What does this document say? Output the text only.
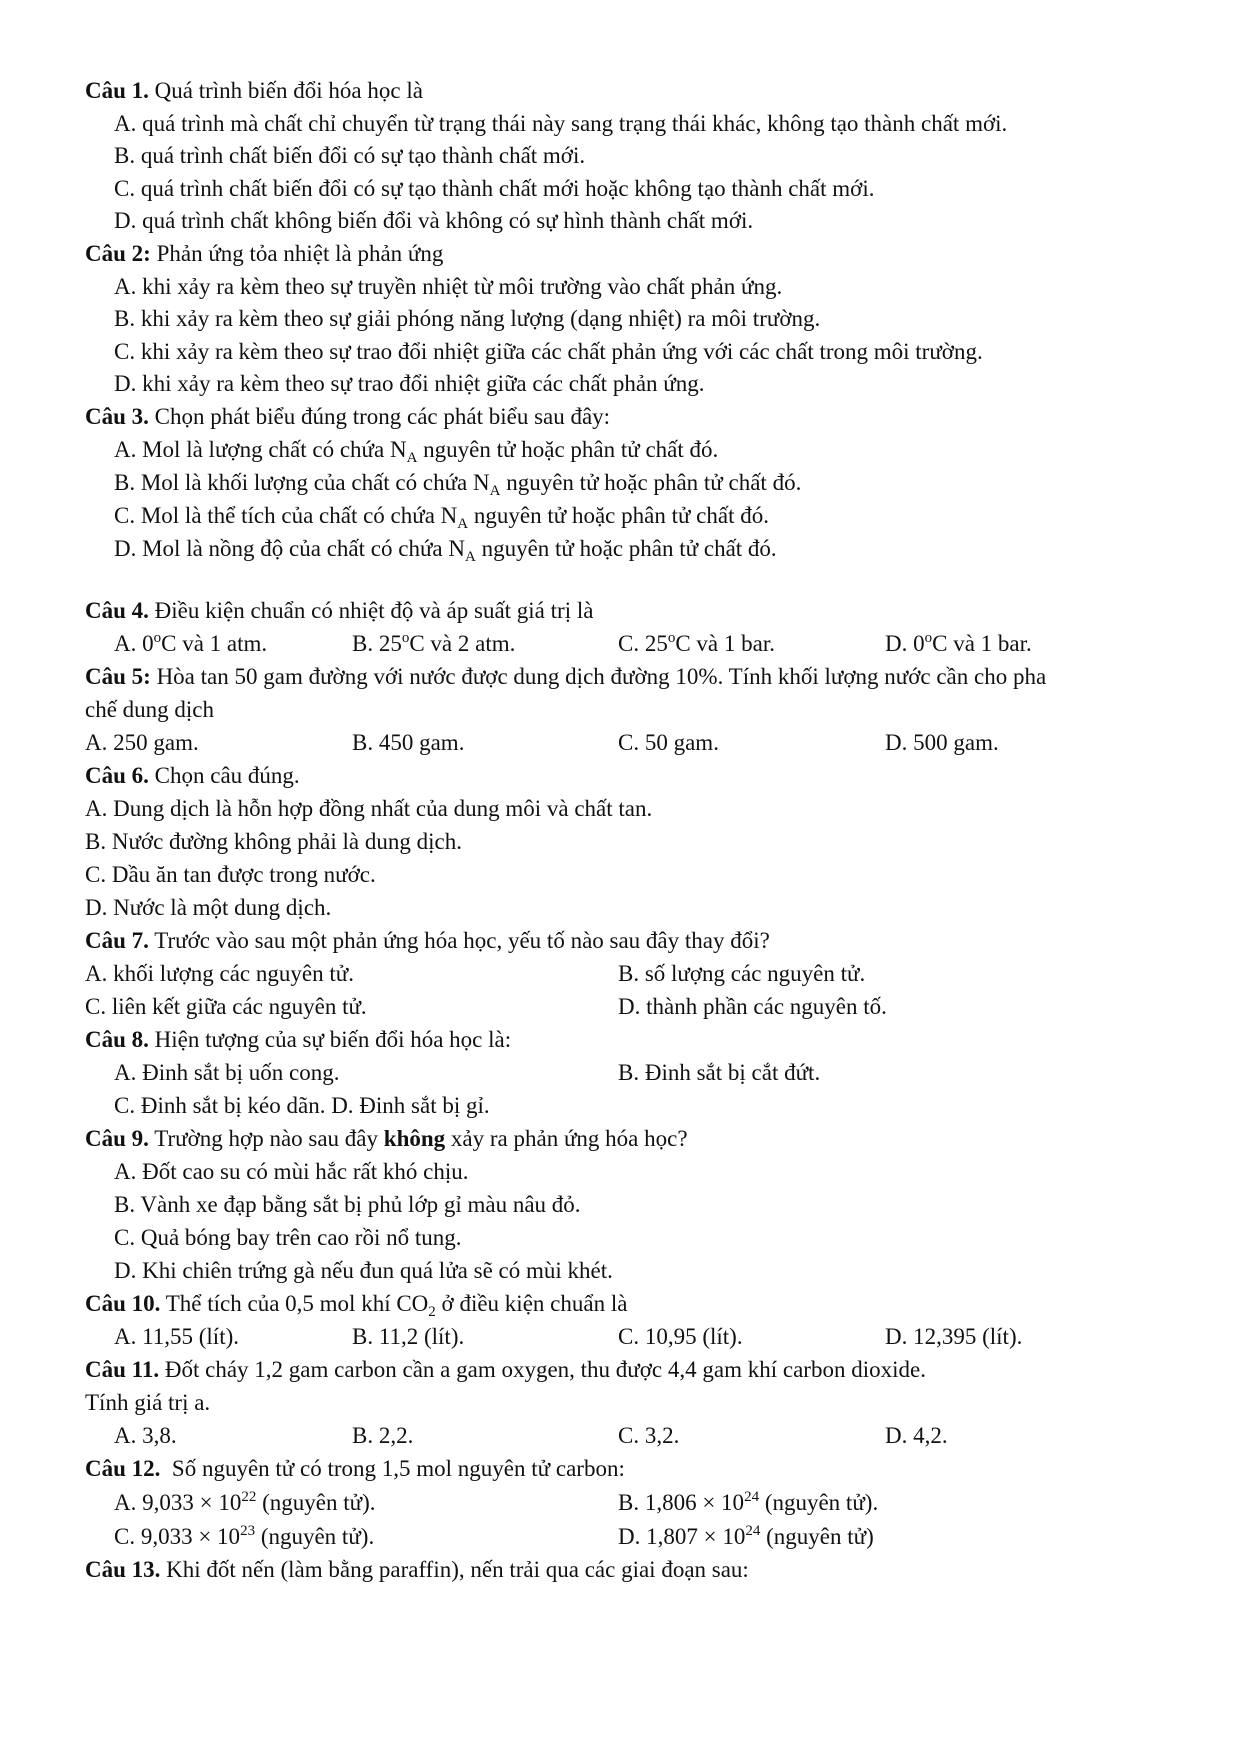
Câu 1. Quá trình biến đổi hóa học là
A. quá trình mà chất chỉ chuyển từ trạng thái này sang trạng thái khác, không tạo thành chất mới.
B. quá trình chất biến đổi có sự tạo thành chất mới.
C. quá trình chất biến đổi có sự tạo thành chất mới hoặc không tạo thành chất mới.
D. quá trình chất không biến đổi và không có sự hình thành chất mới.
Câu 2: Phản ứng tỏa nhiệt là phản ứng
A. khi xảy ra kèm theo sự truyền nhiệt từ môi trường vào chất phản ứng.
B. khi xảy ra kèm theo sự giải phóng năng lượng (dạng nhiệt) ra môi trường.
C. khi xảy ra kèm theo sự trao đổi nhiệt giữa các chất phản ứng với các chất trong môi trường.
D. khi xảy ra kèm theo sự trao đổi nhiệt giữa các chất phản ứng.
Câu 3. Chọn phát biểu đúng trong các phát biểu sau đây:
A. Mol là lượng chất có chứa $N_A$ nguyên tử hoặc phân tử chất đó.
B. Mol là khối lượng của chất có chứa $N_A$ nguyên tử hoặc phân tử chất đó.
C. Mol là thể tích của chất có chứa $N_A$ nguyên tử hoặc phân tử chất đó.
D. Mol là nồng độ của chất có chứa $N_A$ nguyên tử hoặc phân tử chất đó.
Câu 4. Điều kiện chuẩn có nhiệt độ và áp suất giá trị là
A. 0$^o$C và 1 atm.	B. 25$^o$C và 2 atm.	C. 25$^o$C và 1 bar.	D. 0$^o$C và 1 bar.
Câu 5: Hòa tan 50 gam đường với nước được dung dịch đường 10%. Tính khối lượng nước cần cho pha
chế dung dịch
A. 250 gam.	B. 450 gam.	C. 50 gam.	D. 500 gam.
Câu 6. Chọn câu đúng.
A. Dung dịch là hỗn hợp đồng nhất của dung môi và chất tan.
B. Nước đường không phải là dung dịch.
C. Dầu ăn tan được trong nước.
D. Nước là một dung dịch.
Câu 7. Trước vào sau một phản ứng hóa học, yếu tố nào sau đây thay đổi?
A. khối lượng các nguyên tử.	B. số lượng các nguyên tử.
C. liên kết giữa các nguyên tử.	D. thành phần các nguyên tố.
Câu 8. Hiện tượng của sự biến đổi hóa học là:
A. Đinh sắt bị uốn cong.	B. Đinh sắt bị cắt đứt.
C. Đinh sắt bị kéo dãn. D. Đinh sắt bị gỉ.
Câu 9. Trường hợp nào sau đây không xảy ra phản ứng hóa học?
A. Đốt cao su có mùi hắc rất khó chịu.
B. Vành xe đạp bằng sắt bị phủ lớp gỉ màu nâu đỏ.
C. Quả bóng bay trên cao rồi nổ tung.
D. Khi chiên trứng gà nếu đun quá lửa sẽ có mùi khét.
Câu 10. Thể tích của 0,5 mol khí $CO_2$ ở điều kiện chuẩn là
A. 11,55 (lít).	B. 11,2 (lít).	C. 10,95 (lít).	D. 12,395 (lít).
Câu 11. Đốt cháy 1,2 gam carbon cần a gam oxygen, thu được 4,4 gam khí carbon dioxide.
Tính giá trị a.
A. 3,8.	B. 2,2.	C. 3,2.	D. 4,2.
Câu 12.  Số nguyên tử có trong 1,5 mol nguyên tử carbon:
A. $9,033 \times 10^{22}$ (nguyên tử).	B. $1,806 \times 10^{24}$ (nguyên tử).
C. $9,033 \times 10^{23}$ (nguyên tử).	D. $1,807 \times 10^{24}$ (nguyên tử)
Câu 13. Khi đốt nến (làm bằng paraffin), nến trải qua các giai đoạn sau:
